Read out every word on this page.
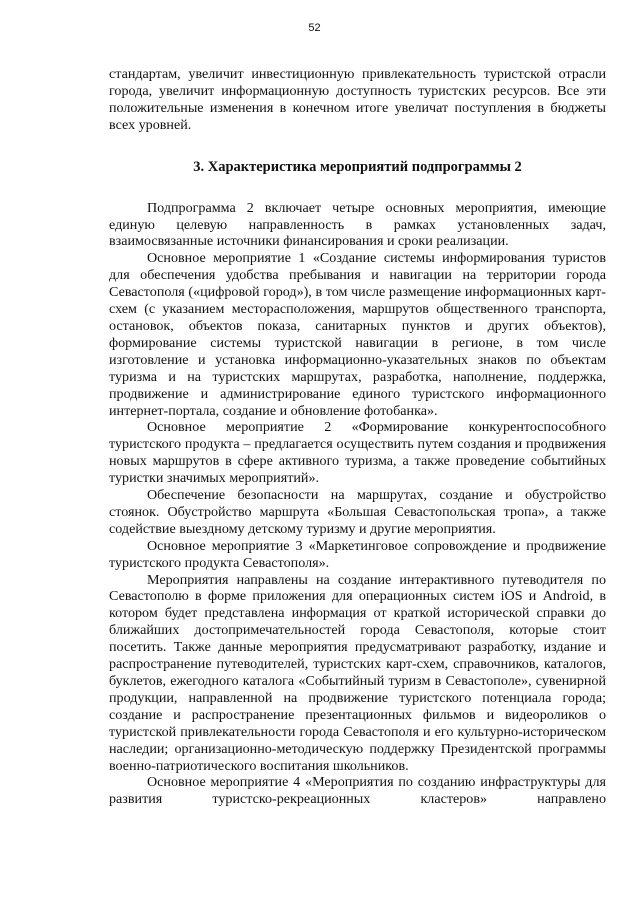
52

стандартам, увеличит инвестиционную привлекательность туристской отрасли города, увеличит информационную доступность туристских ресурсов. Все эти положительные изменения в конечном итоге увеличат поступления в бюджеты всех уровней.

3. Характеристика мероприятий подпрограммы 2

Подпрограмма 2 включает четыре основных мероприятия, имеющие единую целевую направленность в рамках установленных задач, взаимосвязанные источники финансирования и сроки реализации.

Основное мероприятие 1 «Создание системы информирования туристов для обеспечения удобства пребывания и навигации на территории города Севастополя («цифровой город»), в том числе размещение информационных карт-схем (с указанием месторасположения, маршрутов общественного транспорта, остановок, объектов показа, санитарных пунктов и других объектов), формирование системы туристской навигации в регионе, в том числе изготовление и установка информационно-указательных знаков по объектам туризма и на туристских маршрутах, разработка, наполнение, поддержка, продвижение и администрирование единого туристского информационного интернет-портала, создание и обновление фотобанка».

Основное мероприятие 2 «Формирование конкурентоспособного туристского продукта – предлагается осуществить путем создания и продвижения новых маршрутов в сфере активного туризма, а также проведение событийных туристки значимых мероприятий».

Обеспечение безопасности на маршрутах, создание и обустройство стоянок. Обустройство маршрута «Большая Севастопольская тропа», а также содействие выездному детскому туризму и другие мероприятия.

Основное мероприятие 3 «Маркетинговое сопровождение и продвижение туристского продукта Севастополя».

Мероприятия направлены на создание интерактивного путеводителя по Севастополю в форме приложения для операционных систем iOS и Android, в котором будет представлена информация от краткой исторической справки до ближайших достопримечательностей города Севастополя, которые стоит посетить. Также данные мероприятия предусматривают разработку, издание и распространение путеводителей, туристских карт-схем, справочников, каталогов, буклетов, ежегодного каталога «Событийный туризм в Севастополе», сувенирной продукции, направленной на продвижение туристского потенциала города; создание и распространение презентационных фильмов и видеороликов о туристской привлекательности города Севастополя и его культурно-историческом наследии; организационно-методическую поддержку Президентской программы военно-патриотического воспитания школьников.

Основное мероприятие 4 «Мероприятия по созданию инфраструктуры для развития туристско-рекреационных кластеров» направлено
